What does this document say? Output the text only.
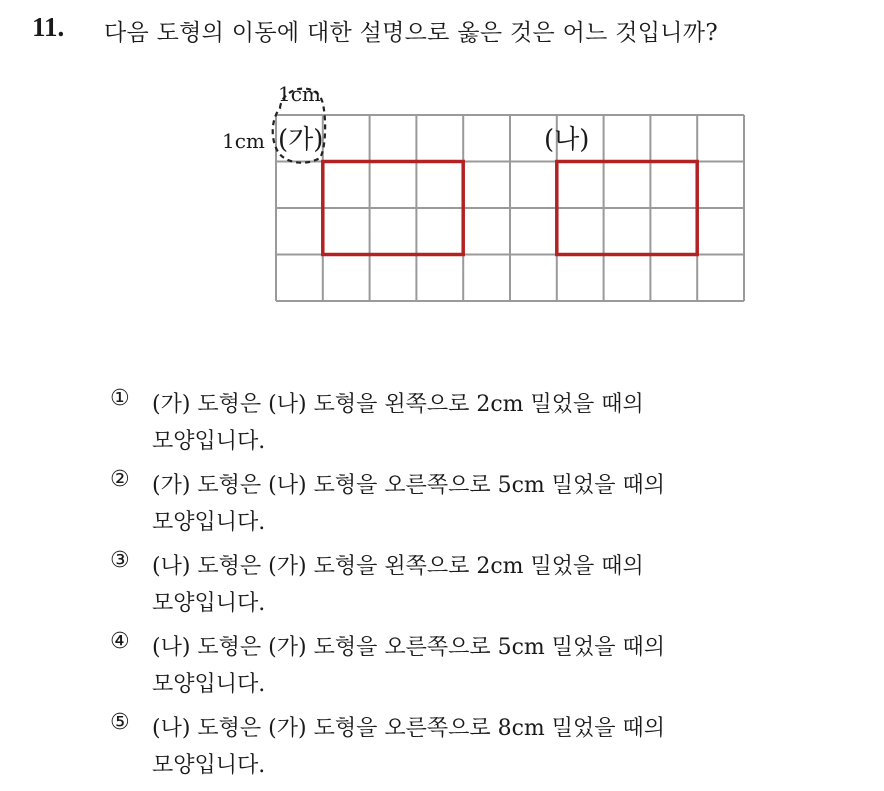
11. 다음 도형의 이동에 대한 설명으로 옳은 것은 어느 것입니까?
1cm
1cm (가)	(나)
① (가) 도형은 (나) 도형을 왼쪽으로 2cm 밀었을 때의
모양입니다.
② (가) 도형은 (나) 도형을 오른쪽으로 5cm 밀었을 때의
모양입니다.
③ (나) 도형은 (가) 도형을 왼쪽으로 2cm 밀었을 때의
모양입니다.
④ (나) 도형은 (가) 도형을 오른쪽으로 5cm 밀었을 때의
모양입니다.
⑤ (나) 도형은 (가) 도형을 오른쪽으로 8cm 밀었을 때의
모양입니다.
